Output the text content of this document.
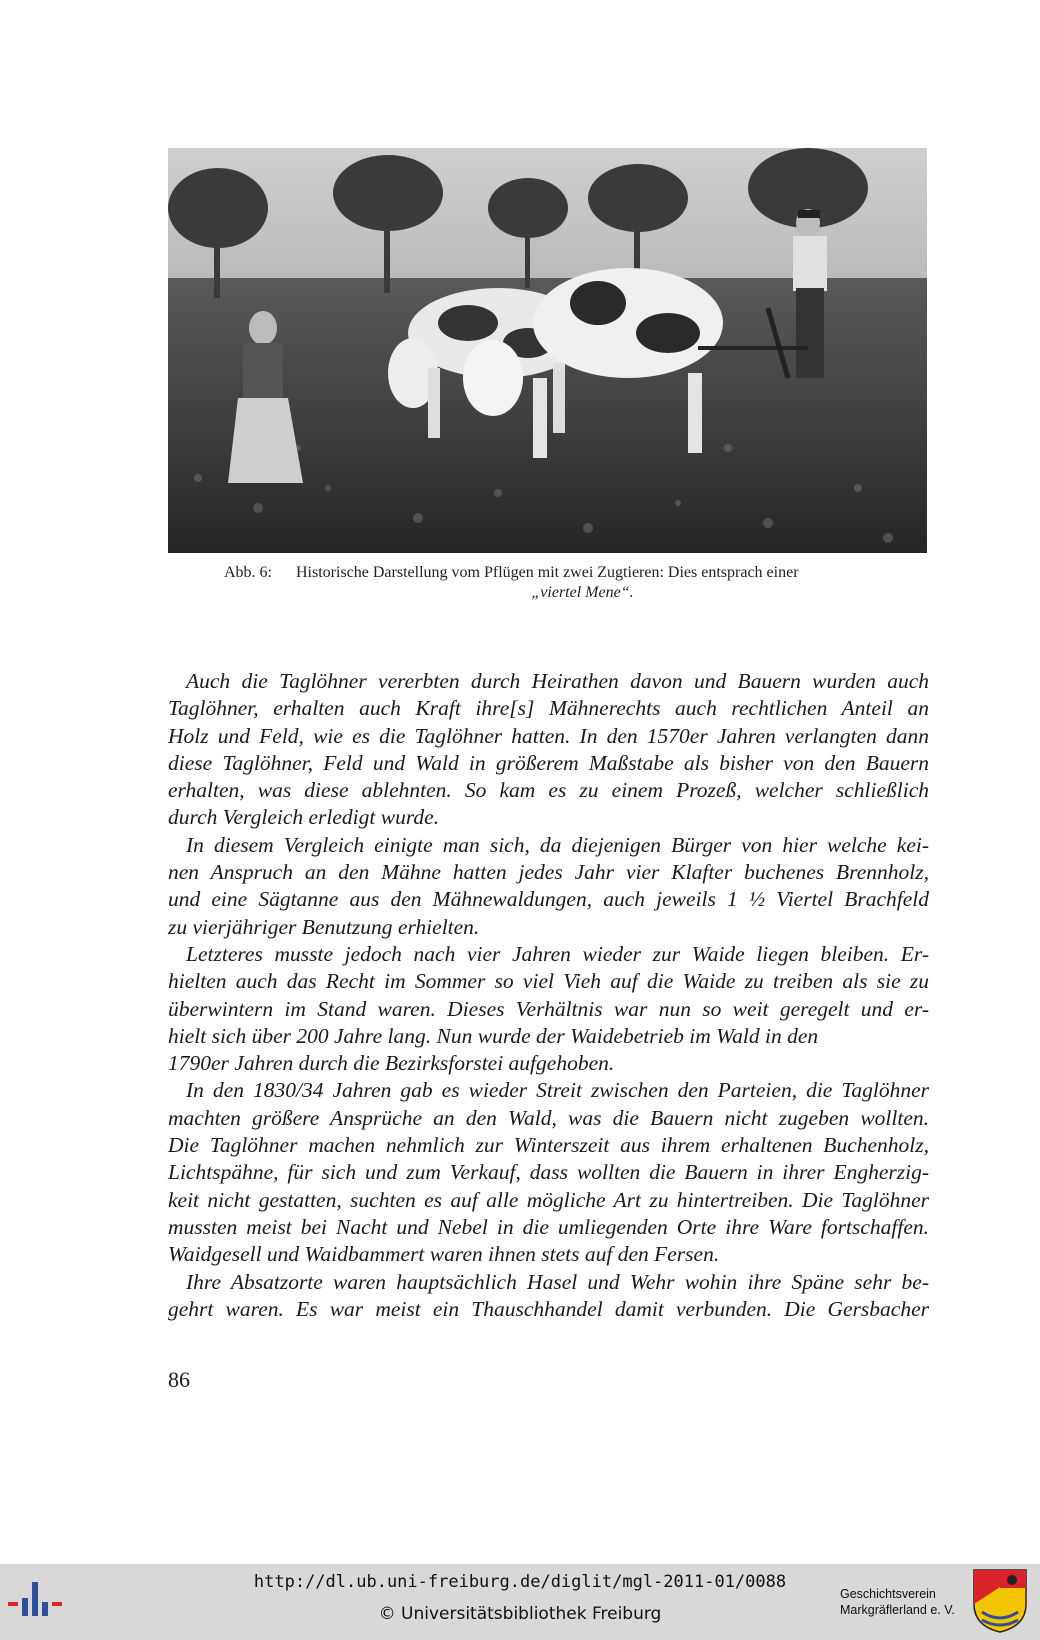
Abb. 6:	Historische Darstellung vom Pflügen mit zwei Zugtieren: Dies entsprach einer
„viertel Mene“.
Auch die Taglöhner vererbten durch Heirathen davon und Bauern wurden auch
Taglöhner, erhalten auch Kraft ihre[s] Mähnerechts auch rechtlichen Anteil an
Holz und Feld, wie es die Taglöhner hatten. In den 1570er Jahren verlangten dann
diese Taglöhner, Feld und Wald in größerem Maßstabe als bisher von den Bauern
erhalten, was diese ablehnten. So kam es zu einem Prozeß, welcher schließlich
durch Vergleich erledigt wurde.
In diesem Vergleich einigte man sich, da diejenigen Bürger von hier welche kei-
nen Anspruch an den Mähne hatten jedes Jahr vier Klafter buchenes Brennholz,
und eine Sägtanne aus den Mähnewaldungen, auch jeweils 1 ½ Viertel Brachfeld
zu vierjähriger Benutzung erhielten.
Letzteres musste jedoch nach vier Jahren wieder zur Waide liegen bleiben. Er-
hielten auch das Recht im Sommer so viel Vieh auf die Waide zu treiben als sie zu
überwintern im Stand waren. Dieses Verhältnis war nun so weit geregelt und er-
hielt sich über 200 Jahre lang. Nun wurde der Waidebetrieb im Wald in den
1790er Jahren durch die Bezirksforstei aufgehoben.
In den 1830/34 Jahren gab es wieder Streit zwischen den Parteien, die Taglöhner
machten größere Ansprüche an den Wald, was die Bauern nicht zugeben wollten.
Die Taglöhner machen nehmlich zur Winterszeit aus ihrem erhaltenen Buchenholz,
Lichtspähne, für sich und zum Verkauf, dass wollten die Bauern in ihrer Engherzig-
keit nicht gestatten, suchten es auf alle mögliche Art zu hintertreiben. Die Taglöhner
mussten meist bei Nacht und Nebel in die umliegenden Orte ihre Ware fortschaffen.
Waidgesell und Waidbammert waren ihnen stets auf den Fersen.
Ihre Absatzorte waren hauptsächlich Hasel und Wehr wohin ihre Späne sehr be-
gehrt waren. Es war meist ein Thauschhandel damit verbunden. Die Gersbacher
86
http://dl.ub.uni-freiburg.de/diglit/mgl-2011-01/0088
© Universitätsbibliothek Freiburg
Geschichtsverein
Markgräflerland e. V.
